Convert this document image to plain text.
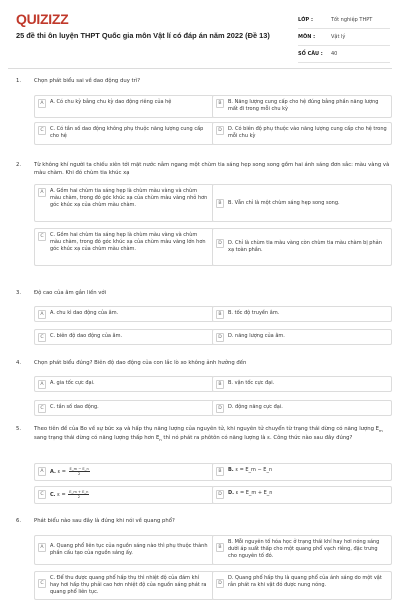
QUIZIZZ
25 đề thi ôn luyện THPT Quốc gia môn Vật lí có đáp án năm 2022 (Đề 13)
LỚP :	Tốt nghiệp THPT
MÔN :	Vật lý
SỐ CÂU :	40
1. Chọn phát biểu sai về dao động duy trì?
A	A. Có chu kỳ bằng chu kỳ dao động riêng của hệ	B	B. Năng lượng cung cấp cho hệ đúng bằng phần năng lượng mất đi trong mỗi chu kỳ
C	C. Có tần số dao động không phụ thuộc năng lượng cung cấp cho hệ
D	D. Có biên độ phụ thuộc vào năng lượng cung cấp cho hệ trong mỗi chu kỳ
2. Từ không khí người ta chiếu xiên tới mặt nước nằm ngang một chùm tia sáng hẹp song song gồm hai ánh sáng đơn sắc: màu vàng và màu chàm. Khi đó chùm tia khúc xạ
A	A. Gồm hai chùm tia sáng hẹp là chùm màu vàng và chùm màu chàm, trong đó góc khúc xạ của chùm màu vàng nhỏ hơn góc khúc xạ của chùm màu chàm.	B	B. Vẫn chỉ là một chùm sáng hẹp song song.
C	C. Gồm hai chùm tia sáng hẹp là chùm màu vàng và chùm màu chàm, trong đó góc khúc xạ của chùm màu vàng lớn hơn góc khúc xạ của chùm màu chàm.
D	D. Chỉ là chùm tia màu vàng còn chùm tia màu chàm bị phản xạ toàn phần.
3. Độ cao của âm gắn liền với
A	A. chu kì dao động của âm.	B	B. tốc độ truyền âm.
C	C. biên độ dao động của âm.	D	D. năng lượng của âm.
4. Chọn phát biểu đúng? Biên độ dao động của con lắc lò xo không ảnh hưởng đến
A	A. gia tốc cực đại.	B	B. vận tốc cực đại.
C	C. tần số dao động.	D	D. động năng cực đại.
5. Theo tiên đề của Bo về sự bức xạ và hấp thụ năng lượng của nguyên tử, khi nguyên tử chuyển từ trạng thái dừng có năng lượng $E_m$ sang trạng thái dừng có năng lượng thấp hơn $E_n$ thì nó phát ra phôtôn có năng lượng là ε. Công thức nào sau đây đúng?
A	A. $\varepsilon = \frac{E\_m - E\_n}{2}$	B	B. ε = E_m − E_n
C	C. $\varepsilon = \frac{E\_m + E\_n}{2}$	D	D. ε = E_m + E_n
6. Phát biểu nào sau đây là đúng khi nói về quang phổ?
A	A. Quang phổ liên tục của nguồn sáng nào thì phụ thuộc thành phần cấu tạo của nguồn sáng ấy.
B
B. Mỗi nguyên tố hóa học ở trạng thái khí hay hơi nóng sáng dưới áp suất thấp cho một quang phổ vạch riêng, đặc trưng cho nguyên tố đó.
C
C. Để thu được quang phổ hấp thụ thì nhiệt độ của đám khí hay hơi hấp thụ phải cao hơn nhiệt độ của nguồn sáng phát ra quang phổ liên tục.
D
D. Quang phổ hấp thụ là quang phổ của ánh sáng do một vật rắn phát ra khi vật đó được nung nóng.
